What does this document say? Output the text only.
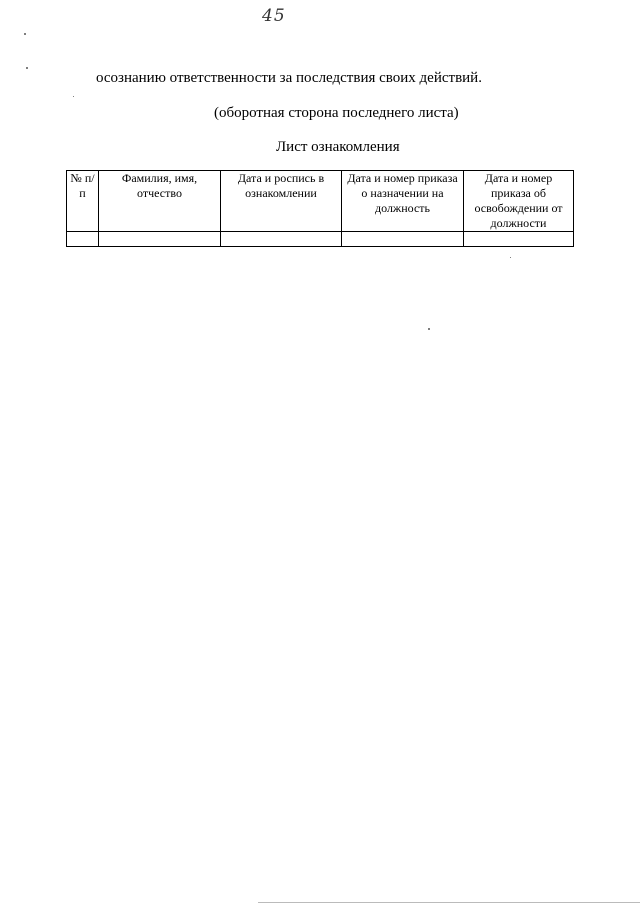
45
осознанию ответственности за последствия своих действий.
(оборотная сторона последнего листа)
Лист ознакомления
№ п/п	Фамилия, имя, отчество	Дата и роспись в ознакомлении	Дата и номер приказа о назначении на должность	Дата и номер приказа об освобождении от должности
